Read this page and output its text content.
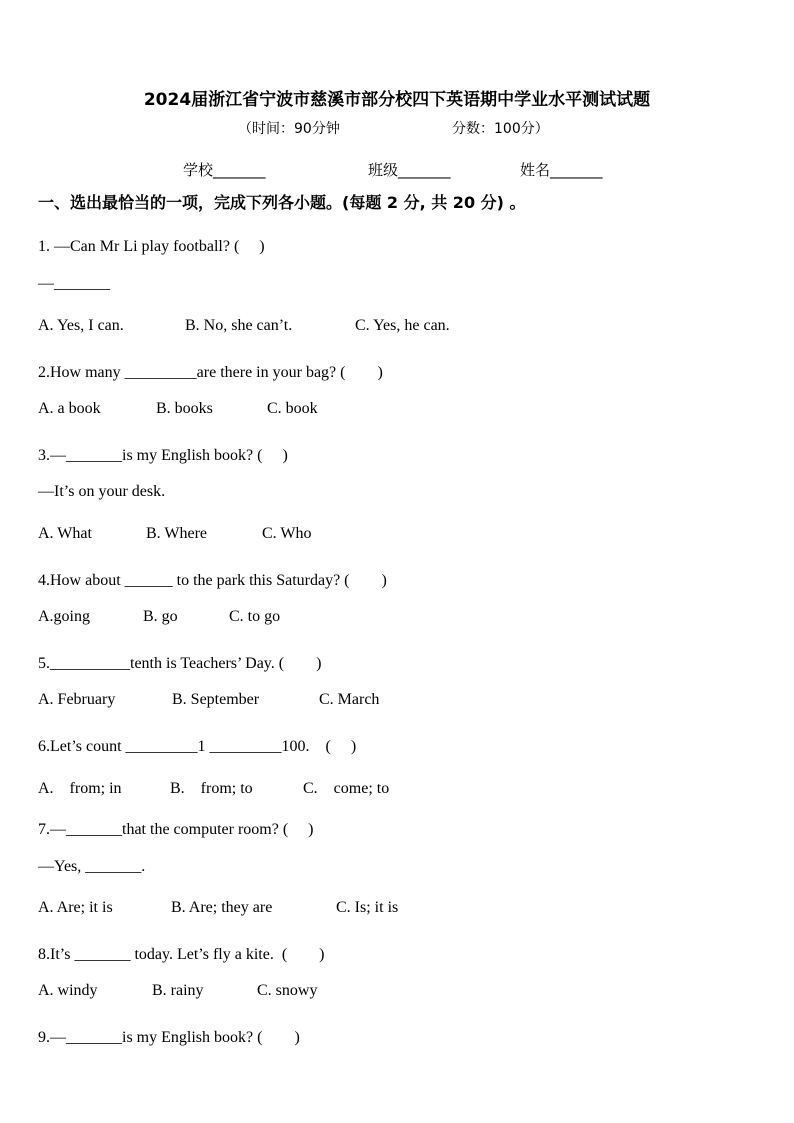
2024届浙江省宁波市慈溪市部分校四下英语期中学业水平测试试题
（时间：90分钟	分数：100分）
学校_______	班级_______	姓名_______
一、选出最恰当的一项，完成下列各小题。(每题 2 分, 共 20 分) 。
1. —Can Mr Li play football? (　 )
—_______
A. Yes, I can.	B. No, she can’t.	C. Yes, he can.
2.How many _________are there in your bag? (　　)
A. a book	B. books	C. book
3.—_______is my English book? (　 )
—It’s on your desk.
A. What	B. Where	C. Who
4.How about ______ to the park this Saturday? (　　)
A.going	B. go	C. to go
5.__________tenth is Teachers’ Day. (　　)
A. February	B. September	C. March
6.Let’s count _________1 _________100.　(　 )
A.　from; in	B.　from; to	C.　come; to
7.—_______that the computer room? (　 )
—Yes, _______.
A. Are; it is	B. Are; they are	C. Is; it is
8.It’s _______ today. Let’s fly a kite.  (　　)
A. windy	B. rainy	C. snowy
9.—_______is my English book? (　　)
